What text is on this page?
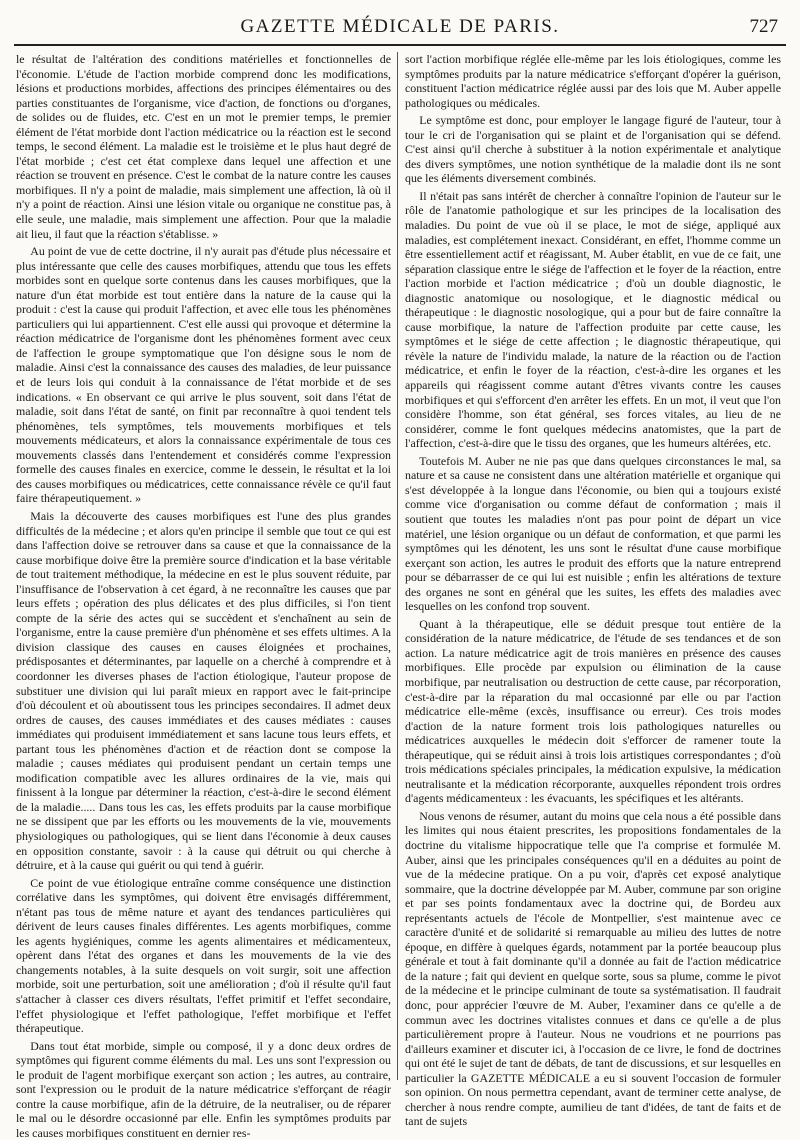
GAZETTE MÉDICALE DE PARIS.	727

le résultat de l'altération des conditions matérielles et fonctionnelles de l'économie. L'étude de l'action morbide comprend donc les modifications, lésions et productions morbides, affections des principes élémentaires ou des parties constituantes de l'organisme, vice d'action, de fonctions ou d'organes, de solides ou de fluides, etc. C'est en un mot le premier temps, le premier élément de l'état morbide dont l'action médicatrice ou la réaction est le second temps, le second élément. La maladie est le troisième et le plus haut degré de l'état morbide ; c'est cet état complexe dans lequel une affection et une réaction se trouvent en présence. C'est le combat de la nature contre les causes morbifiques. Il n'y a point de maladie, mais simplement une affection, là où il n'y a point de réaction. Ainsi une lésion vitale ou organique ne constitue pas, à elle seule, une maladie, mais simplement une affection. Pour que la maladie ait lieu, il faut que la réaction s'établisse. »

Au point de vue de cette doctrine, il n'y aurait pas d'étude plus nécessaire et plus intéressante que celle des causes morbifiques, attendu que tous les effets morbides sont en quelque sorte contenus dans les causes morbifiques, que la nature d'un état morbide est tout entière dans la nature de la cause qui la produit : c'est la cause qui produit l'affection, et avec elle tous les phénomènes particuliers qui lui appartiennent. C'est elle aussi qui provoque et détermine la réaction médicatrice de l'organisme dont les phénomènes forment avec ceux de l'affection le groupe symptomatique que l'on désigne sous le nom de maladie. Ainsi c'est la connaissance des causes des maladies, de leur puissance et de leurs lois qui conduit à la connaissance de l'état morbide et de ses indications. « En observant ce qui arrive le plus souvent, soit dans l'état de maladie, soit dans l'état de santé, on finit par reconnaître à quoi tendent tels phénomènes, tels symptômes, tels mouvements morbifiques et tels mouvements médicateurs, et alors la connaissance expérimentale de tous ces mouvements classés dans l'entendement et considérés comme l'expression formelle des causes finales en exercice, comme le dessein, le résultat et la loi des causes morbifiques ou médicatrices, cette connaissance révèle ce qu'il faut faire thérapeutiquement. »

Mais la découverte des causes morbifiques est l'une des plus grandes difficultés de la médecine ; et alors qu'en principe il semble que tout ce qui est dans l'affection doive se retrouver dans sa cause et que la connaissance de la cause morbifique doive être la première source d'indication et la base véritable de tout traitement méthodique, la médecine en est le plus souvent réduite, par l'insuffisance de l'observation à cet égard, à ne reconnaître les causes que par leurs effets ; opération des plus délicates et des plus difficiles, si l'on tient compte de la série des actes qui se succèdent et s'enchaînent au sein de l'organisme, entre la cause première d'un phénomène et ses effets ultimes. A la division classique des causes en causes éloignées et prochaines, prédisposantes et déterminantes, par laquelle on a cherché à comprendre et à coordonner les diverses phases de l'action étiologique, l'auteur propose de substituer une division qui lui paraît mieux en rapport avec le fait-principe d'où découlent et où aboutissent tous les principes secondaires. Il admet deux ordres de causes, des causes immédiates et des causes médiates : causes immédiates qui produisent immédiatement et sans lacune tous leurs effets, et partant tous les phénomènes d'action et de réaction dont se compose la maladie ; causes médiates qui produisent pendant un certain temps une modification compatible avec les allures ordinaires de la vie, mais qui finissent à la longue par déterminer la réaction, c'est-à-dire le second élément de la maladie..... Dans tous les cas, les effets produits par la cause morbifique ne se dissipent que par les efforts ou les mouvements de la vie, mouvements physiologiques ou pathologiques, qui se lient dans l'économie à deux causes en opposition constante, savoir : à la cause qui détruit ou qui cherche à détruire, et à la cause qui guérit ou qui tend à guérir.

Ce point de vue étiologique entraîne comme conséquence une distinction corrélative dans les symptômes, qui doivent être envisagés différemment, n'étant pas tous de même nature et ayant des tendances particulières qui dérivent de leurs causes finales différentes. Les agents morbifiques, comme les agents hygiéniques, comme les agents alimentaires et médicamenteux, opèrent dans l'état des organes et dans les mouvements de la vie des changements notables, à la suite desquels on voit surgir, soit une affection morbide, soit une perturbation, soit une amélioration ; d'où il résulte qu'il faut s'attacher à classer ces divers résultats, l'effet primitif et l'effet secondaire, l'effet physiologique et l'effet pathologique, l'effet morbifique et l'effet thérapeutique.

Dans tout état morbide, simple ou composé, il y a donc deux ordres de symptômes qui figurent comme éléments du mal. Les uns sont l'expression ou le produit de l'agent morbifique exerçant son action ; les autres, au contraire, sont l'expression ou le produit de la nature médicatrice s'efforçant de réagir contre la cause morbifique, afin de la détruire, de la neutraliser, ou de réparer le mal ou le désordre occasionné par elle. Enfin les symptômes produits par les causes morbifiques constituent en dernier res-

sort l'action morbifique réglée elle-même par les lois étiologiques, comme les symptômes produits par la nature médicatrice s'efforçant d'opérer la guérison, constituent l'action médicatrice réglée aussi par des lois que M. Auber appelle pathologiques ou médicales.

Le symptôme est donc, pour employer le langage figuré de l'auteur, tour à tour le cri de l'organisation qui se plaint et de l'organisation qui se défend. C'est ainsi qu'il cherche à substituer à la notion expérimentale et analytique des divers symptômes, une notion synthétique de la maladie dont ils ne sont que les éléments diversement combinés.

Il n'était pas sans intérêt de chercher à connaître l'opinion de l'auteur sur le rôle de l'anatomie pathologique et sur les principes de la localisation des maladies. Du point de vue où il se place, le mot de siége, appliqué aux maladies, est complétement inexact. Considérant, en effet, l'homme comme un être essentiellement actif et réagissant, M. Auber établit, en vue de ce fait, une séparation classique entre le siége de l'affection et le foyer de la réaction, entre l'action morbide et l'action médicatrice ; d'où un double diagnostic, le diagnostic anatomique ou nosologique, et le diagnostic médical ou thérapeutique : le diagnostic nosologique, qui a pour but de faire connaître la cause morbifique, la nature de l'affection produite par cette cause, les symptômes et le siége de cette affection ; le diagnostic thérapeutique, qui révèle la nature de l'individu malade, la nature de la réaction ou de l'action médicatrice, et enfin le foyer de la réaction, c'est-à-dire les organes et les appareils qui réagissent comme autant d'êtres vivants contre les causes morbifiques et qui s'efforcent d'en arrêter les effets. En un mot, il veut que l'on considère l'homme, son état général, ses forces vitales, au lieu de ne considérer, comme le font quelques médecins anatomistes, que la part de l'affection, c'est-à-dire que le tissu des organes, que les humeurs altérées, etc.

Toutefois M. Auber ne nie pas que dans quelques circonstances le mal, sa nature et sa cause ne consistent dans une altération matérielle et organique qui s'est développée à la longue dans l'économie, ou bien qui a toujours existé comme vice d'organisation ou comme défaut de conformation ; mais il soutient que toutes les maladies n'ont pas pour point de départ un vice matériel, une lésion organique ou un défaut de conformation, et que parmi les symptômes qui les dénotent, les uns sont le résultat d'une cause morbifique exerçant son action, les autres le produit des efforts que la nature entreprend pour se débarrasser de ce qui lui est nuisible ; enfin les altérations de texture des organes ne sont en général que les suites, les effets des maladies avec lesquelles on les confond trop souvent.

Quant à la thérapeutique, elle se déduit presque tout entière de la considération de la nature médicatrice, de l'étude de ses tendances et de son action. La nature médicatrice agit de trois manières en présence des causes morbifiques. Elle procède par expulsion ou élimination de la cause morbifique, par neutralisation ou destruction de cette cause, par récorporation, c'est-à-dire par la réparation du mal occasionné par elle ou par l'action médicatrice elle-même (excès, insuffisance ou erreur). Ces trois modes d'action de la nature forment trois lois pathologiques naturelles ou médicatrices auxquelles le médecin doit s'efforcer de ramener toute la thérapeutique, qui se réduit ainsi à trois lois artistiques correspondantes ; d'où trois médications spéciales principales, la médication expulsive, la médication neutralisante et la médication récorporante, auxquelles répondent trois ordres d'agents médicamenteux : les évacuants, les spécifiques et les altérants.

Nous venons de résumer, autant du moins que cela nous a été possible dans les limites qui nous étaient prescrites, les propositions fondamentales de la doctrine du vitalisme hippocratique telle que l'a comprise et formulée M. Auber, ainsi que les principales conséquences qu'il en a déduites au point de vue de la médecine pratique. On a pu voir, d'après cet exposé analytique sommaire, que la doctrine développée par M. Auber, commune par son origine et par ses points fondamentaux avec la doctrine qui, de Bordeu aux représentants actuels de l'école de Montpellier, s'est maintenue avec ce caractère d'unité et de solidarité si remarquable au milieu des luttes de notre époque, en diffère à quelques égards, notamment par la portée beaucoup plus générale et tout à fait dominante qu'il a donnée au fait de l'action médicatrice de la nature ; fait qui devient en quelque sorte, sous sa plume, comme le pivot de la médecine et le principe culminant de toute sa systématisation. Il faudrait donc, pour apprécier l'œuvre de M. Auber, l'examiner dans ce qu'elle a de commun avec les doctrines vitalistes connues et dans ce qu'elle a de plus particulièrement propre à l'auteur. Nous ne voudrions et ne pourrions pas d'ailleurs examiner et discuter ici, à l'occasion de ce livre, le fond de doctrines qui ont été le sujet de tant de débats, de tant de discussions, et sur lesquelles en particulier la GAZETTE MÉDICALE a eu si souvent l'occasion de formuler son opinion. On nous permettra cependant, avant de terminer cette analyse, de chercher à nous rendre compte, aumilieu de tant d'idées, de tant de faits et de tant de sujets
